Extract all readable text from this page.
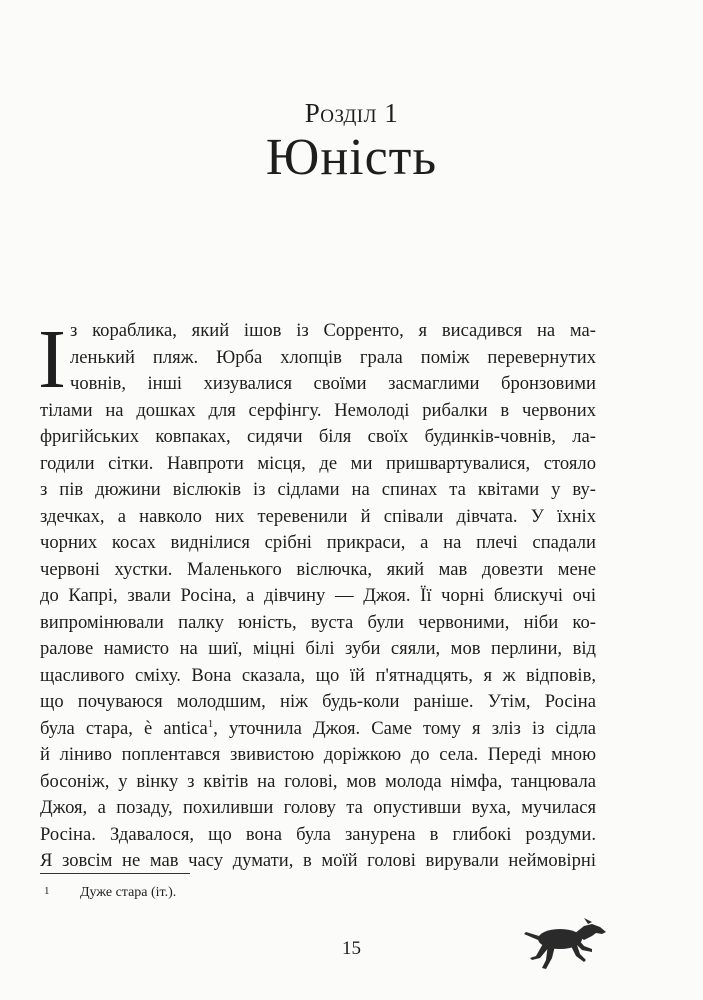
Розділ 1
Юність
І з кораблика, який ішов із Сорренто, я висадився на ма-
ленький пляж. Юрба хлопців грала поміж перевернутих
човнів, інші хизувалися своїми засмаглими бронзовими
тілами на дошках для серфінгу. Немолоді рибалки в червоних
фригійських ковпаках, сидячи біля своїх будинків-човнів, ла-
годили сітки. Навпроти місця, де ми пришвартувалися, стояло
з пів дюжини віслюків із сідлами на спинах та квітами у ву-
здечках, а навколо них теревенили й співали дівчата. У їхніх
чорних косах виднілися срібні прикраси, а на плечі спадали
червоні хустки. Маленького віслючка, який мав довезти мене
до Капрі, звали Росіна, а дівчину — Джоя. Її чорні блискучі очі
випромінювали палку юність, вуста були червоними, ніби ко-
ралове намисто на шиї, міцні білі зуби сяяли, мов перлини, від
щасливого сміху. Вона сказала, що їй п'ятнадцять, я ж відповів,
що почуваюся молодшим, ніж будь-коли раніше. Утім, Росіна
була стара, è antica$^1$, уточнила Джоя. Саме тому я зліз із сідла
й ліниво поплентався звивистою доріжкою до села. Переді мною
босоніж, у вінку з квітів на голові, мов молода німфа, танцювала
Джоя, а позаду, похиливши голову та опустивши вуха, мучилася
Росіна. Здавалося, що вона була занурена в глибокі роздуми.
Я зовсім не мав часу думати, в моїй голові вирували неймовірні
1 Дуже стара (іт.).
15
